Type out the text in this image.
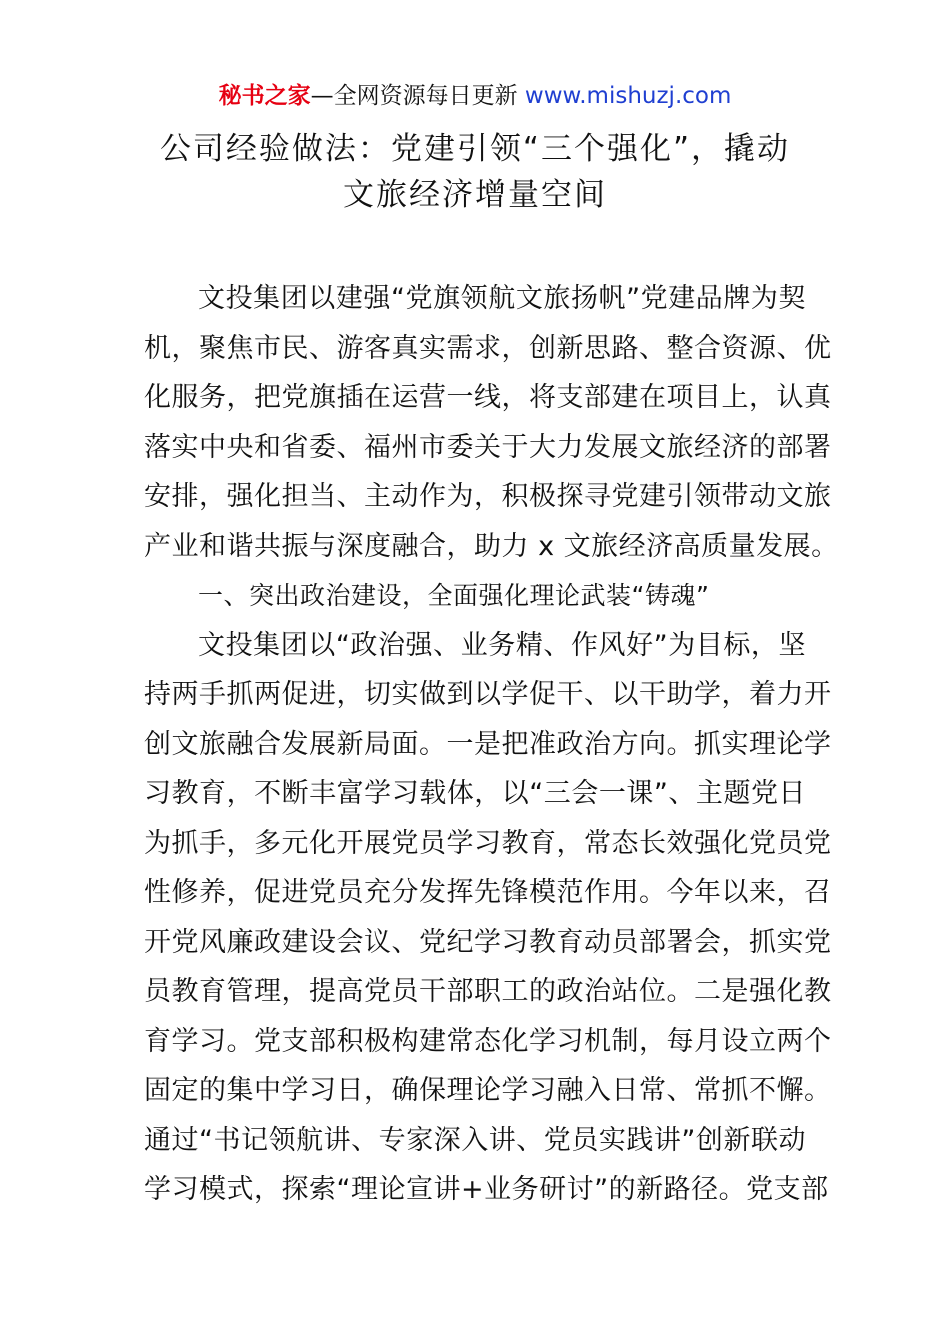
秘书之家—全网资源每日更新 www.mishuzj.com
公司经验做法：党建引领“三个强化”，撬动
文旅经济增量空间
文投集团以建强“党旗领航文旅扬帆”党建品牌为契
机，聚焦市民、游客真实需求，创新思路、整合资源、优
化服务，把党旗插在运营一线，将支部建在项目上，认真
落实中央和省委、福州市委关于大力发展文旅经济的部署
安排，强化担当、主动作为，积极探寻党建引领带动文旅
产业和谐共振与深度融合，助力 x 文旅经济高质量发展。
一、突出政治建设，全面强化理论武装“铸魂”
文投集团以“政治强、业务精、作风好”为目标，坚
持两手抓两促进，切实做到以学促干、以干助学，着力开
创文旅融合发展新局面。一是把准政治方向。抓实理论学
习教育，不断丰富学习载体，以“三会一课”、主题党日
为抓手，多元化开展党员学习教育，常态长效强化党员党
性修养，促进党员充分发挥先锋模范作用。今年以来，召
开党风廉政建设会议、党纪学习教育动员部署会，抓实党
员教育管理，提高党员干部职工的政治站位。二是强化教
育学习。党支部积极构建常态化学习机制，每月设立两个
固定的集中学习日，确保理论学习融入日常、常抓不懈。
通过“书记领航讲、专家深入讲、党员实践讲”创新联动
学习模式，探索“理论宣讲+业务研讨”的新路径。党支部
